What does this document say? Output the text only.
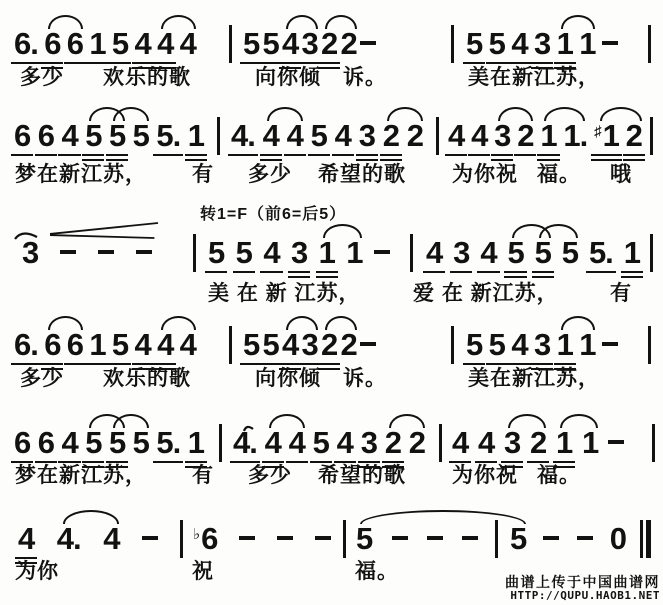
转1=F（前6=后5）
曲谱上传于中国曲谱网
HTTP://QUPU.HAOB1.NET
6. 6 6 1 5 4 4 4 5 5 4 3 2 2	5 5 4 3 1 1
多少 欢乐的歌	向你倾 诉。	美在新江苏，
6 6 4 5 5 5 5. 1 4. 4 4 5 4 3 2 2 4 4 3 2 1 1. ♯1 2
梦在新江苏， 有 多少 希望的歌 为你祝 福。 哦
3	5 5 4 3 1 1 4 3 4 5 5 5 5. 1
美 在 新 江苏， 爱 在 新江苏， 有
6. 6 6 1 5 4 4 4 5 5 4 3 2 2	5 5 4 3 1 1
多少 欢乐的歌	向你倾 诉。	美在新江苏，
6 6 4 5 5 5 5. 1 4. 4 4 5 4 3 2 2 4 4 3 2 1 1
梦在新江苏， 有 多少 希望的歌 为你祝 福。
4 4. 4	♭6	5	5	0
为你	祝	福。
